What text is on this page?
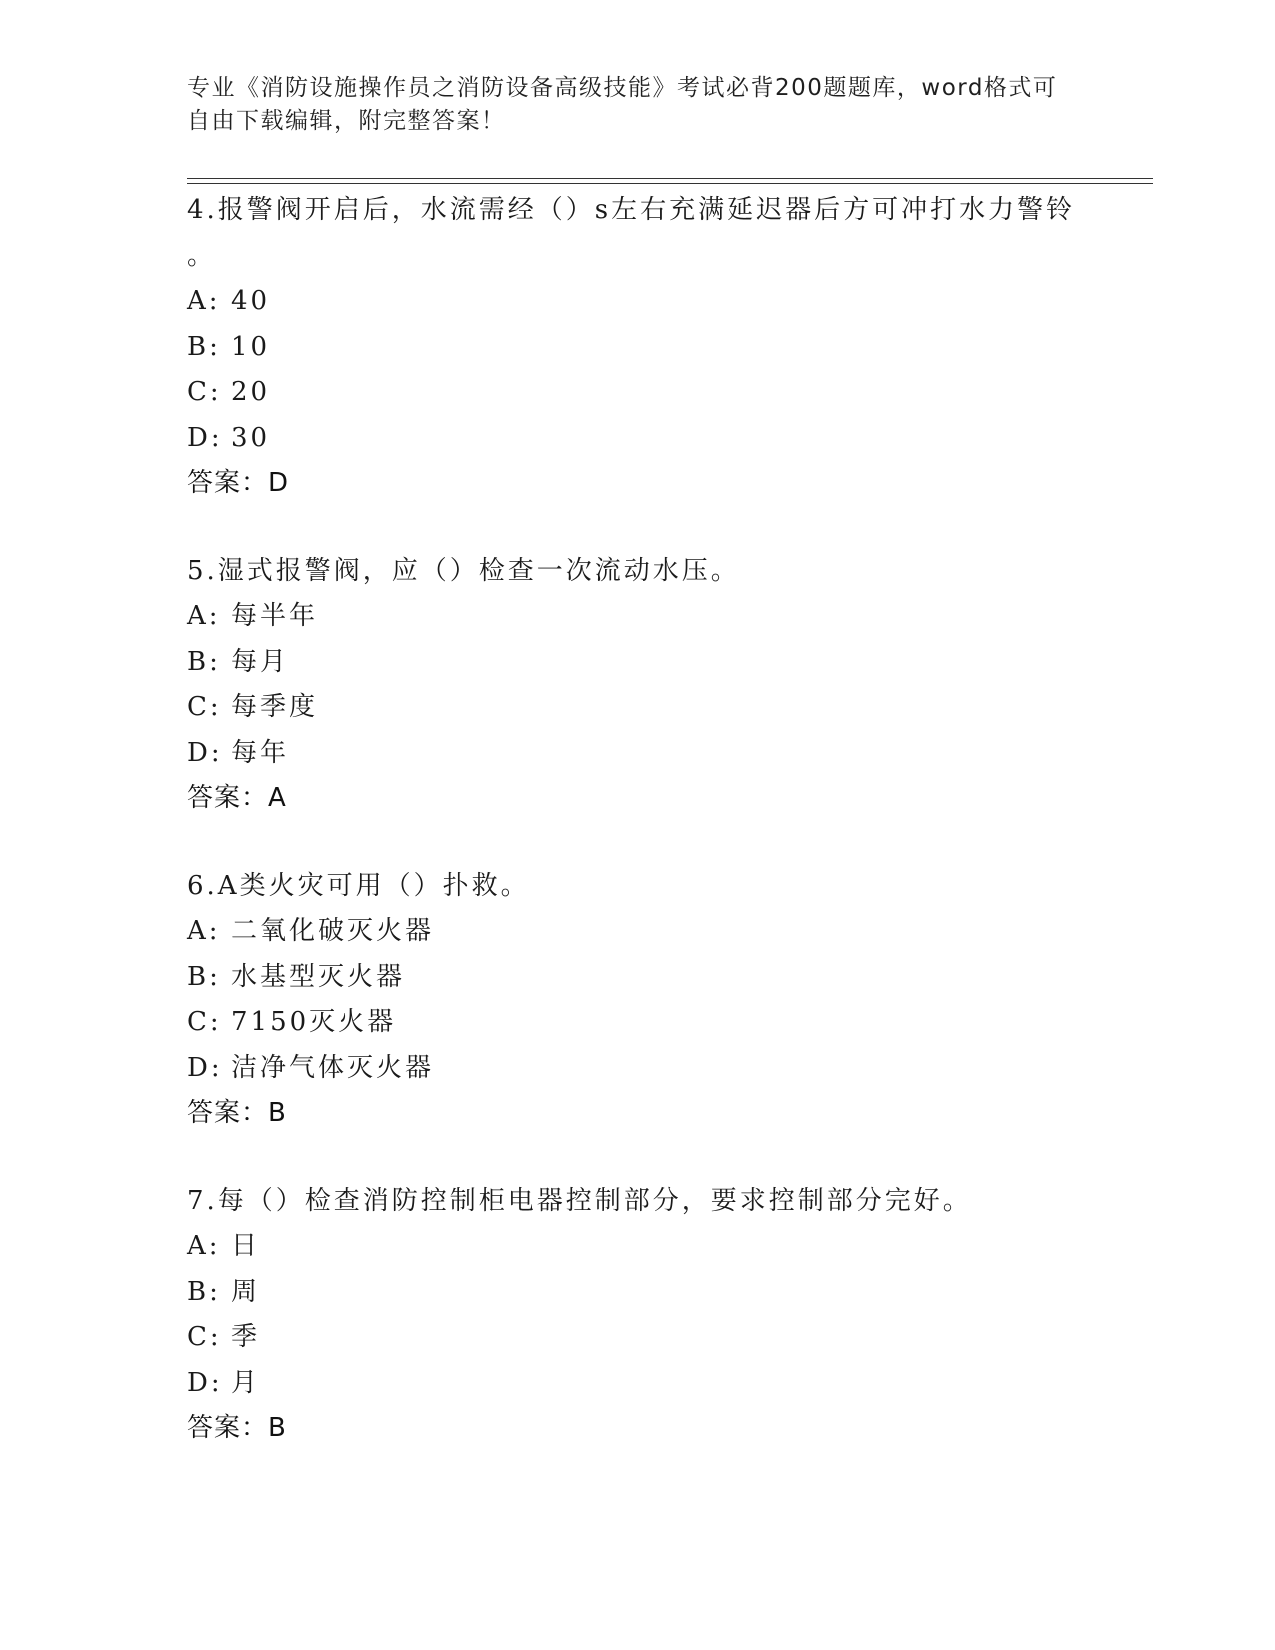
专业《消防设施操作员之消防设备高级技能》考试必背200题题库，word格式可
自由下载编辑，附完整答案！
4.报警阀开启后，水流需经（）s左右充满延迟器后方可冲打水力警铃
。
A: 40
B: 10
C: 20
D: 30
答案：D
5.湿式报警阀，应（）检查一次流动水压。
A: 每半年
B: 每月
C: 每季度
D: 每年
答案：A
6.A类火灾可用（）扑救。
A: 二氧化破灭火器
B: 水基型灭火器
C: 7150灭火器
D: 洁净气体灭火器
答案：B
7.每（）检查消防控制柜电器控制部分，要求控制部分完好。
A: 日
B: 周
C: 季
D: 月
答案：B
